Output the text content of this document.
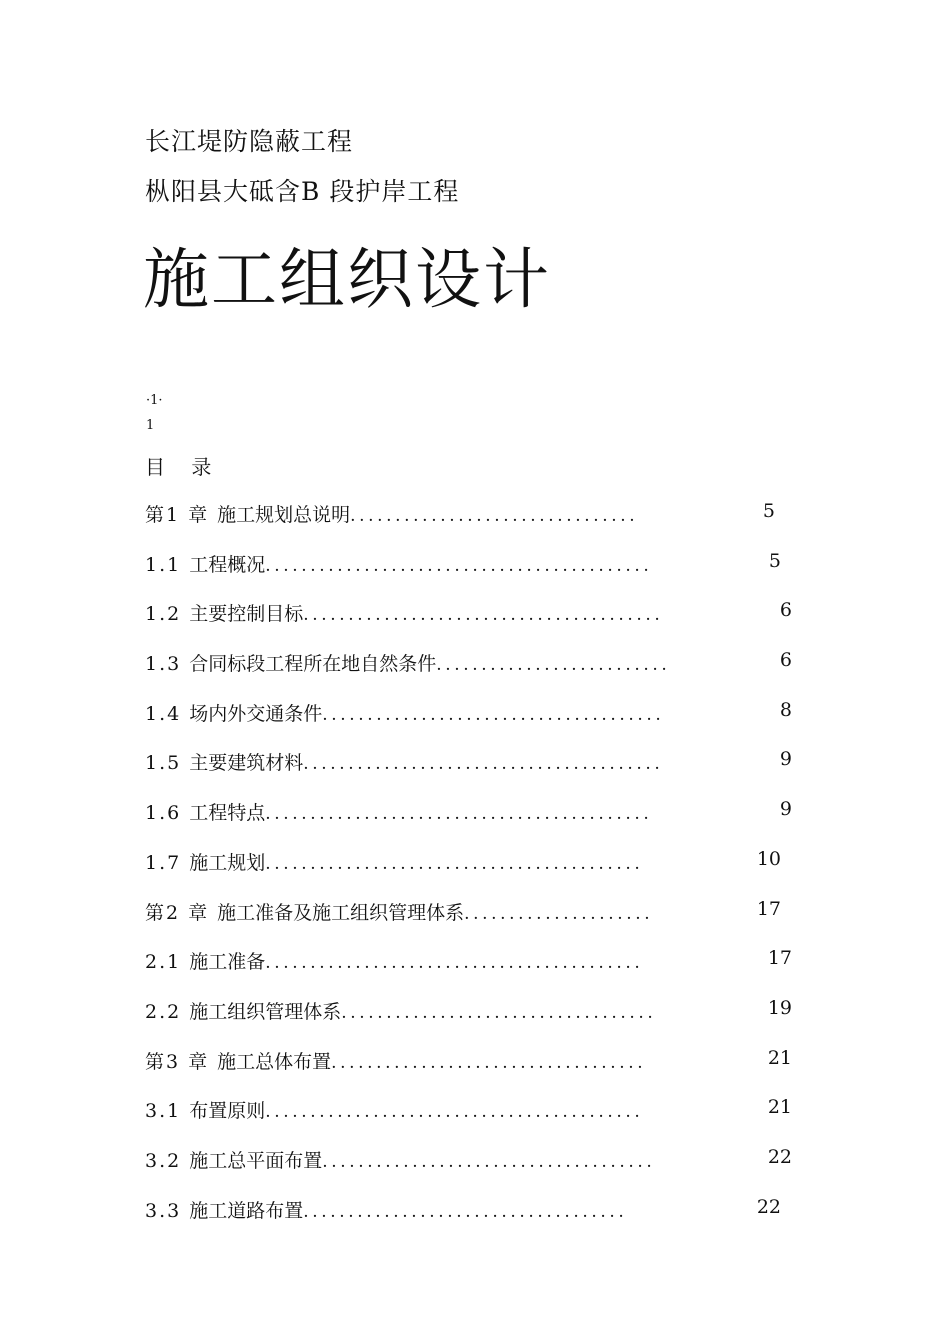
长江堤防隐蔽工程
枞阳县大砥含B 段护岸工程
施工组织设计
·1·
1
目 录
第1 章 施工规划总说明................................	5
1.1 工程概况...........................................	5
1.2 主要控制目标........................................	6
1.3 合同标段工程所在地自然条件..........................	6
1.4 场内外交通条件......................................	8
1.5 主要建筑材料........................................	9
1.6 工程特点...........................................	9
1.7 施工规划..........................................	10
第2 章 施工准备及施工组织管理体系.....................	17
2.1 施工准备..........................................	17
2.2 施工组织管理体系...................................	19
第3 章 施工总体布置...................................	21
3.1 布置原则..........................................	21
3.2 施工总平面布置.....................................	22
3.3 施工道路布置....................................	22
